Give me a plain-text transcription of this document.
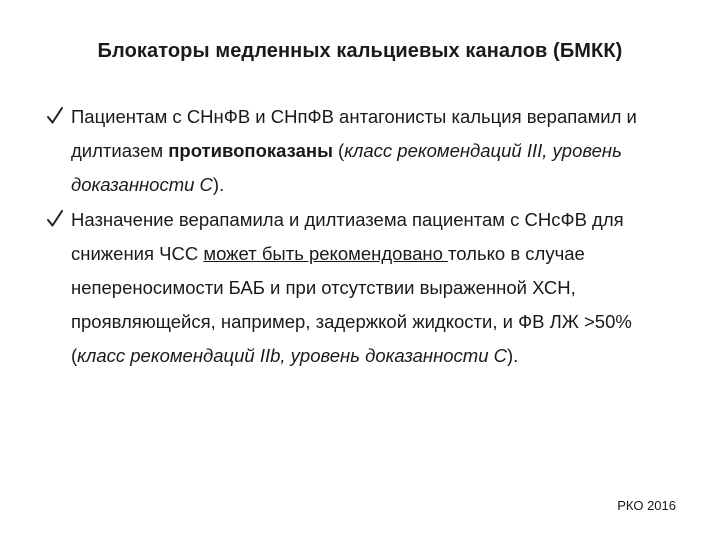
Блокаторы медленных кальциевых каналов (БМКК)
Пациентам с СНнФВ и СНпФВ антагонисты кальция верапамил и дилтиазем противопоказаны (класс рекомендаций III, уровень доказанности С).
Назначение верапамила и дилтиазема пациентам с СНсФВ для снижения ЧСС может быть рекомендовано только в случае непереносимости БАБ и при отсутствии выраженной ХСН, проявляющейся, например, задержкой жидкости, и ФВ ЛЖ >50% (класс рекомендаций IIb, уровень доказанности С).
РКО 2016
